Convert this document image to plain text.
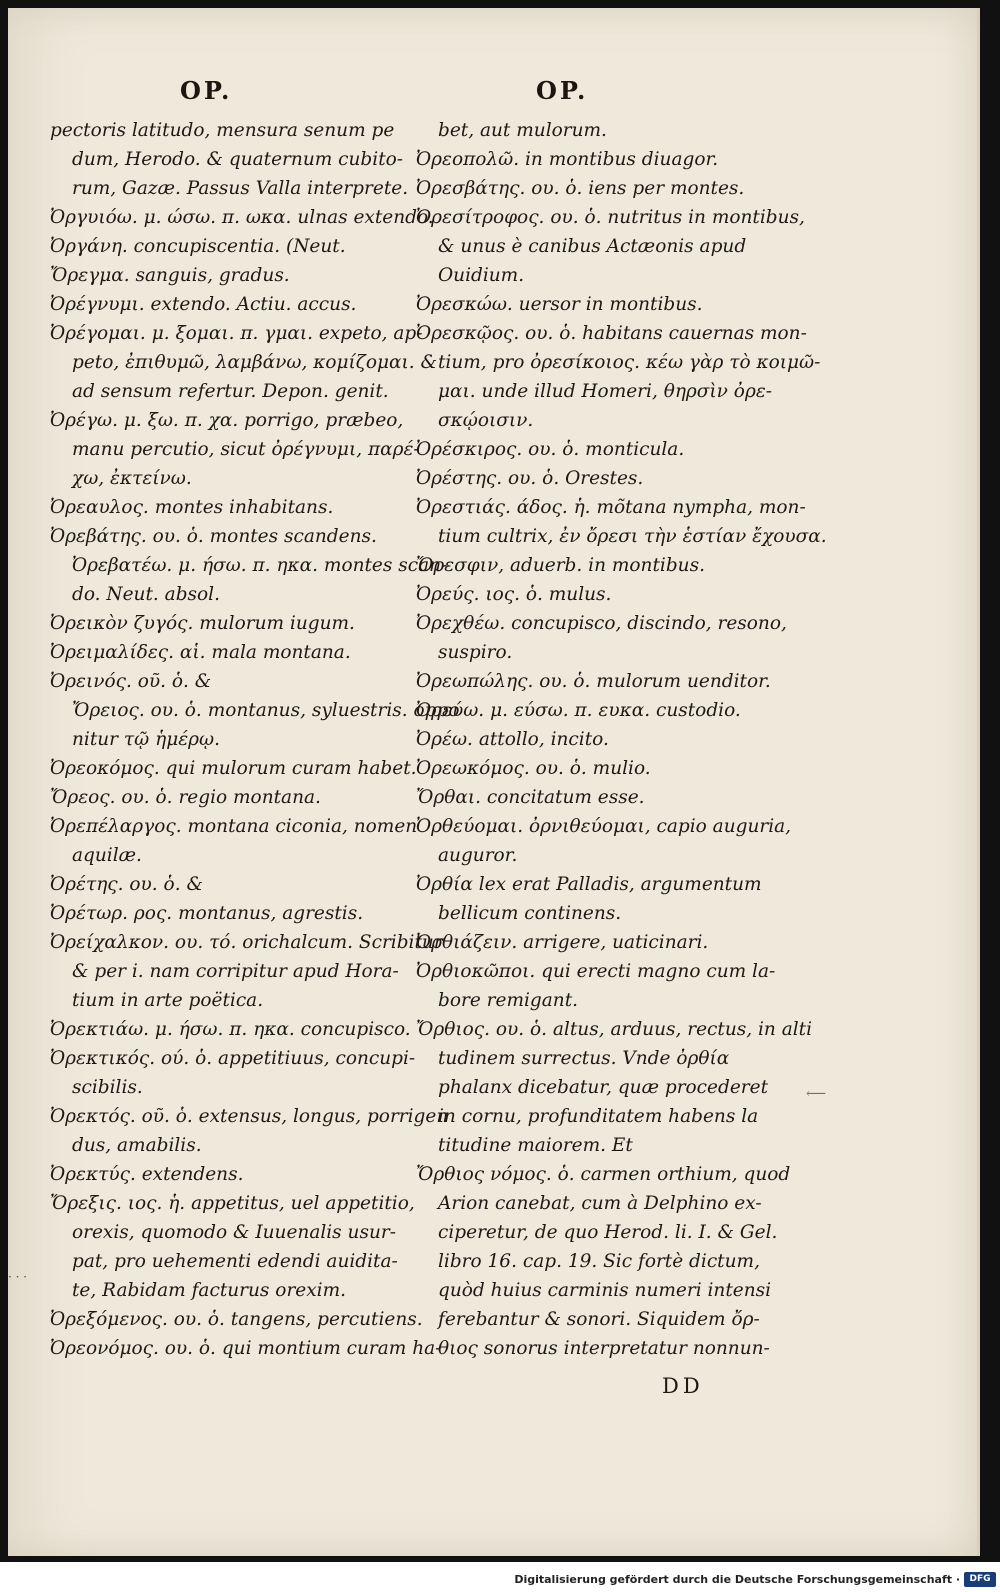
OP.	OP.
pectoris latitudo, mensura senum pe
dum, Herodo. & quaternum cubito-
rum, Gazæ. Passus Valla interprete.
Ὀργυιόω. μ. ώσω. π. ωκα. ulnas extendo.
Ὀργάνη. concupiscentia. (Neut.
Ὄρεγμα. sanguis, gradus.
Ὀρέγνυμι. extendo. Actiu. accus.
Ὀρέγομαι. μ. ξομαι. π. γμαι. expeto, ap-
peto, ἐπιθυμῶ, λαμβάνω, κομίζομαι. &
ad sensum refertur. Depon. genit.
Ὀρέγω. μ. ξω. π. χα. porrigo, præbeo,
manu percutio, sicut ὀρέγνυμι, παρέ-
χω, ἐκτείνω.
Ὀρεαυλος. montes inhabitans.
Ὀρεβάτης. ου. ὁ. montes scandens.
Ὀρεβατέω. μ. ήσω. π. ηκα. montes scan-
do. Neut. absol.
Ὀρεικὸν ζυγός. mulorum iugum.
Ὀρειμαλίδες. αἱ. mala montana.
Ὀρεινός. οῦ. ὁ. &
Ὄρειος. ου. ὁ. montanus, syluestris. oppo
nitur τῷ ἡμέρῳ.
Ὀρεοκόμος. qui mulorum curam habet.
Ὄρεος. ου. ὁ. regio montana.
Ὀρεπέλαργος. montana ciconia, nomen
aquilæ.
Ὀρέτης. ου. ὁ. &
Ὀρέτωρ. ρος. montanus, agrestis.
Ὀρείχαλκον. ου. τό. orichalcum. Scribitur
& per i. nam corripitur apud Hora-
tium in arte poëtica.
Ὀρεκτιάω. μ. ήσω. π. ηκα. concupisco.
Ὀρεκτικός. ού. ὁ. appetitiuus, concupi-
scibilis.
Ὀρεκτός. οῦ. ὁ. extensus, longus, porrigen
dus, amabilis.
Ὀρεκτύς. extendens.
Ὄρεξις. ιος. ἡ. appetitus, uel appetitio,
orexis, quomodo & Iuuenalis usur-
pat, pro uehementi edendi auidita-
te, Rabidam facturus orexim.
Ὀρεξόμενος. ου. ὁ. tangens, percutiens.
Ὀρεονόμος. ου. ὁ. qui montium curam ha-
bet, aut mulorum.
Ὀρεοπολῶ. in montibus diuagor.
Ὀρεσβάτης. ου. ὁ. iens per montes.
Ὀρεσίτροφος. ου. ὁ. nutritus in montibus,
& unus è canibus Actæonis apud
Ouidium.
Ὀρεσκώω. uersor in montibus.
Ὀρεσκῷος. ου. ὁ. habitans cauernas mon-
tium, pro ὀρεσίκοιος. κέω γὰρ τὸ κοιμῶ-
μαι. unde illud Homeri, θηρσὶν ὀρε-
σκῴοισιν.
Ὀρέσκιρος. ου. ὁ. monticula.
Ὀρέστης. ου. ὁ. Orestes.
Ὀρεστιάς. άδος. ἡ. mõtana nympha, mon-
tium cultrix, ἐν ὄρεσι τὴν ἑστίαν ἔχουσα.
Ὄρεσφιν, aduerb. in montibus.
Ὀρεύς. ιος. ὁ. mulus.
Ὀρεχθέω. concupisco, discindo, resono,
suspiro.
Ὀρεωπώλης. ου. ὁ. mulorum uenditor.
Ὀρεύω. μ. εύσω. π. ευκα. custodio.
Ὀρέω. attollo, incito.
Ὀρεωκόμος. ου. ὁ. mulio.
Ὄρθαι. concitatum esse.
Ὀρθεύομαι. ὀρνιθεύομαι, capio auguria,
auguror.
Ὀρθία lex erat Palladis, argumentum
bellicum continens.
Ὀρθιάζειν. arrigere, uaticinari.
Ὀρθιοκῶποι. qui erecti magno cum la-
bore remigant.
Ὄρθιος. ου. ὁ. altus, arduus, rectus, in alti
tudinem surrectus. Vnde ὀρθία
phalanx dicebatur, quæ procederet
in cornu, profunditatem habens la
titudine maiorem. Et
Ὄρθιος νόμος. ὁ. carmen orthium, quod
Arion canebat, cum à Delphino ex-
ciperetur, de quo Herod. li. I. & Gel.
libro 16. cap. 19. Sic fortè dictum,
quòd huius carminis numeri intensi
ferebantur & sonori. Siquidem ὄρ-
θιος sonorus interpretatur nonnun-
⟵
· · ·
DD
Digitalisierung gefördert durch die Deutsche Forschungsgemeinschaft ·	DFG
